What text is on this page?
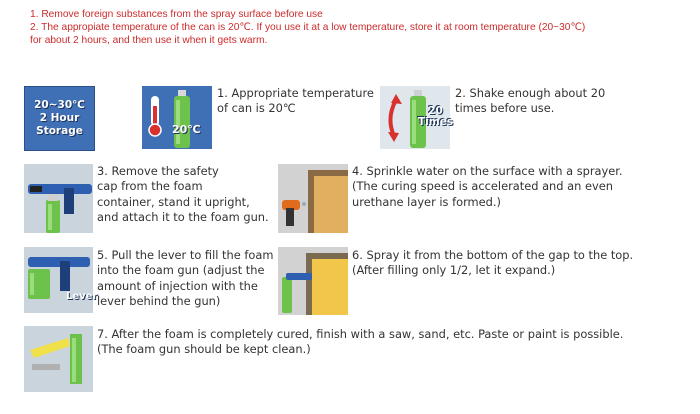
1. Remove foreign substances from the spray surface before use
2. The appropiate temperature of the can is 20℃. If you use it at a low temperature, store it at room temperature (20~30℃)
for about 2 hours, and then use it when it gets warm.
20~30℃
2 Hour
Storage	20℃
1. Appropriate temperature
of can is 20℃	20
Times
2. Shake enough about 20
times before use.
3. Remove the safety
cap from the foam
container, stand it upright,
and attach it to the foam gun.
4. Sprinkle water on the surface with a sprayer.
(The curing speed is accelerated and an even
urethane layer is formed.)
Lever
5. Pull the lever to fill the foam
into the foam gun (adjust the
amount of injection with the
lever behind the gun)
6. Spray it from the bottom of the gap to the top.
(After filling only 1/2, let it expand.)
7. After the foam is completely cured, finish with a saw, sand, etc. Paste or paint is possible.
(The foam gun should be kept clean.)
